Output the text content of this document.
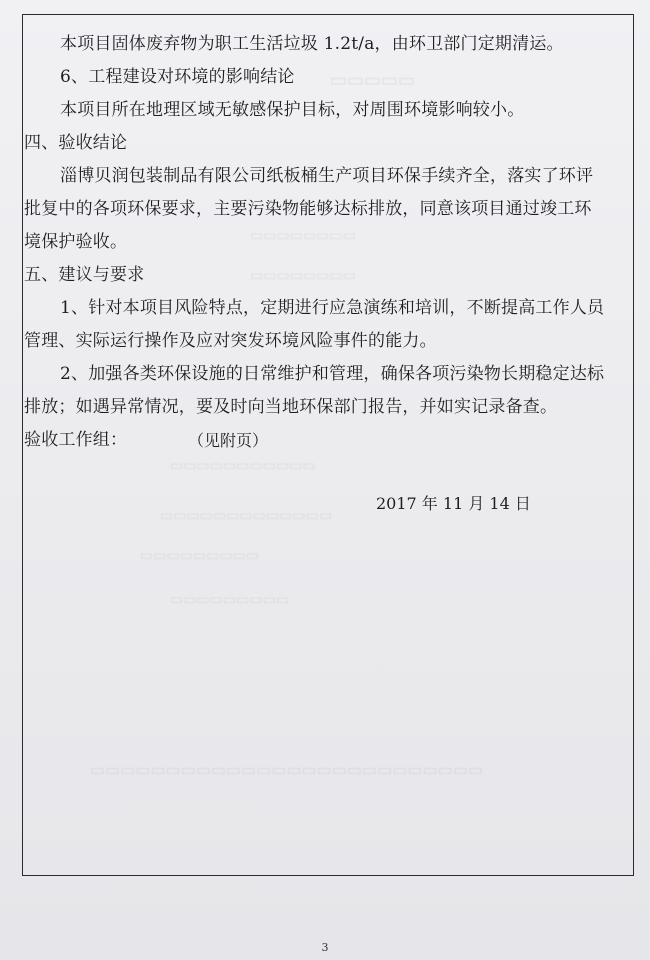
▭▭▭▭▭
▭▭▭▭▭▭▭▭
▭▭▭▭▭▭▭▭
▭▭▭▭▭▭▭▭▭▭▭
▭▭▭▭▭▭▭▭▭▭▭▭▭
▭▭▭▭▭▭▭▭▭
▭▭▭▭▭▭▭▭▭
▭▭▭▭▭▭▭▭▭▭▭▭▭▭▭▭▭▭▭▭▭▭▭▭▭▭
本项目固体废弃物为职工生活垃圾 1.2t/a，由环卫部门定期清运。
6、工程建设对环境的影响结论
本项目所在地理区域无敏感保护目标，对周围环境影响较小。
四、验收结论
淄博贝润包装制品有限公司纸板桶生产项目环保手续齐全，落实了环评
批复中的各项环保要求，主要污染物能够达标排放，同意该项目通过竣工环
境保护验收。
五、建议与要求
1、针对本项目风险特点，定期进行应急演练和培训，不断提高工作人员
管理、实际运行操作及应对突发环境风险事件的能力。
2、加强各类环保设施的日常维护和管理，确保各项污染物长期稳定达标
排放；如遇异常情况，要及时向当地环保部门报告，并如实记录备查。
验收工作组：	（见附页）
2017 年 11 月 14 日
3
